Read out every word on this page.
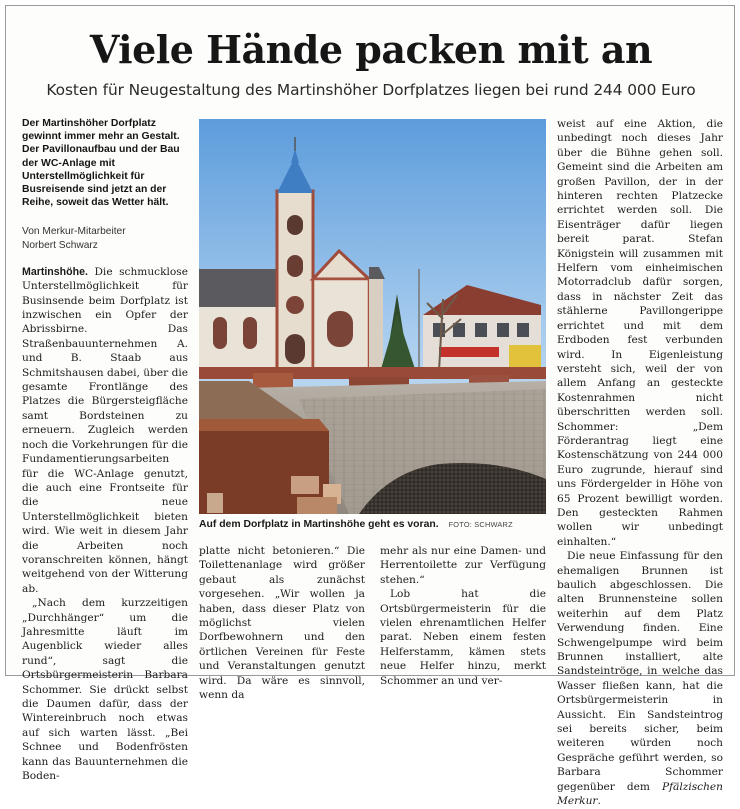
Viele Hände packen mit an
Kosten für Neugestaltung des Martinshöher Dorfplatzes liegen bei rund 244 000 Euro

Der Martinshöher Dorfplatz gewinnt immer mehr an Gestalt. Der Pavillonaufbau und der Bau der WC-Anlage mit Unterstellmöglichkeit für Busreisende sind jetzt an der Reihe, soweit das Wetter hält.

Von Merkur-Mitarbeiter
Norbert Schwarz

Martinshöhe. Die schmucklose Unterstellmöglichkeit für Businsende beim Dorfplatz ist inzwischen ein Opfer der Abrissbirne. Das Straßenbauunternehmen A. und B. Staab aus Schmitshausen dabei, über die gesamte Frontlänge des Platzes die Bürgersteigfläche samt Bordsteinen zu erneuern. Zugleich werden noch die Vorkehrungen für die Fundamentierungsarbeiten für die WC-Anlage genutzt, die auch eine Frontseite für die neue Unterstellmöglichkeit bieten wird. Wie weit in diesem Jahr die Arbeiten noch voranschreiten können, hängt weitgehend von der Witterung ab.

„Nach dem kurzzeitigen „Durchhänger“ um die Jahresmitte läuft im Augenblick wieder alles rund“, sagt die Ortsbürgermeisterin Barbara Schommer. Sie drückt selbst die Daumen dafür, dass der Wintereinbruch noch etwas auf sich warten lässt. „Bei Schnee und Bodenfrösten kann das Bauunternehmen die Boden-

Auf dem Dorfplatz in Martinshöhe geht es voran. FOTO: SCHWARZ

platte nicht betonieren.“ Die Toilettenanlage wird größer gebaut als zunächst vorgesehen. „Wir wollen ja haben, dass dieser Platz von möglichst vielen Dorfbewohnern und den örtlichen Vereinen für Feste und Veranstaltungen genutzt wird. Da wäre es sinnvoll, wenn da

mehr als nur eine Damen- und Herrentoilette zur Verfügung stehen.“

Lob hat die Ortsbürgermeisterin für die vielen ehrenamtlichen Helfer parat. Neben einem festen Helferstamm, kämen stets neue Helfer hinzu, merkt Schommer an und ver-

weist auf eine Aktion, die unbedingt noch dieses Jahr über die Bühne gehen soll. Gemeint sind die Arbeiten am großen Pavillon, der in der hinteren rechten Platzecke errichtet werden soll. Die Eisenträger dafür liegen bereit parat. Stefan Königstein will zusammen mit Helfern vom einheimischen Motorradclub dafür sorgen, dass in nächster Zeit das stählerne Pavillongerippe errichtet und mit dem Erdboden fest verbunden wird. In Eigenleistung versteht sich, weil der von allem Anfang an gesteckte Kostenrahmen nicht überschritten werden soll. Schommer: „Dem Förderantrag liegt eine Kostenschätzung von 244 000 Euro zugrunde, hierauf sind uns Fördergelder in Höhe von 65 Prozent bewilligt worden. Den gesteckten Rahmen wollen wir unbedingt einhalten.“

Die neue Einfassung für den ehemaligen Brunnen ist baulich abgeschlossen. Die alten Brunnensteine sollen weiterhin auf dem Platz Verwendung finden. Eine Schwengelpumpe wird beim Brunnen installiert, alte Sandsteintröge, in welche das Wasser fließen kann, hat die Ortsbürgermeisterin in Aussicht. Ein Sandsteintrog sei bereits sicher, beim weiteren würden noch Gespräche geführt werden, so Barbara Schommer gegenüber dem Pfälzischen Merkur.
